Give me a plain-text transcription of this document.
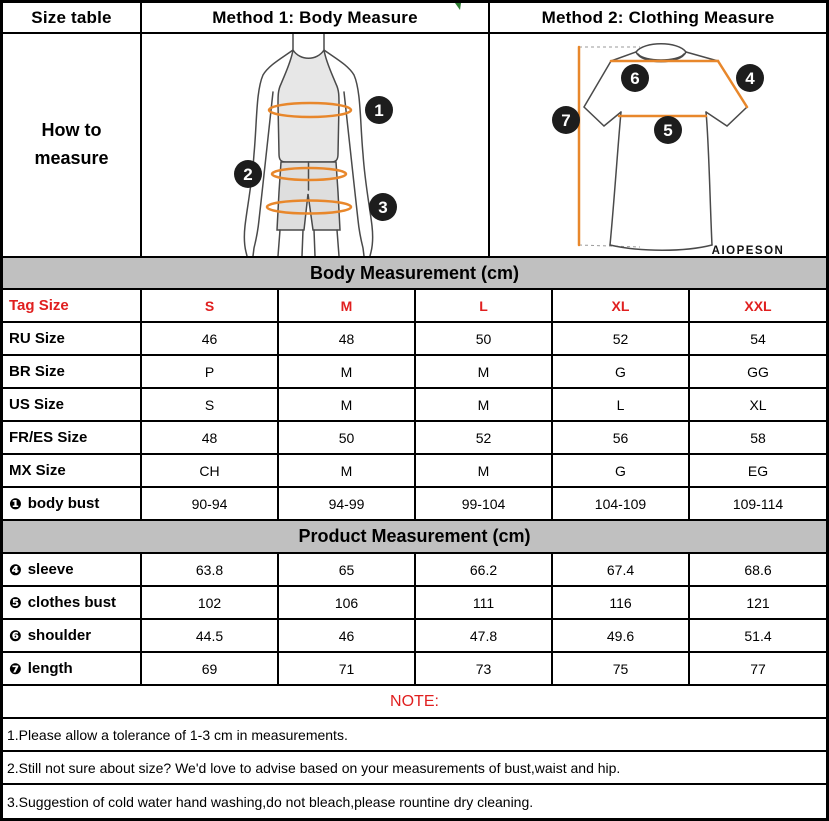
Size table	Method 1: Body Measure	Method 2: Clothing Measure
How to measure
1
2
3
4
5
6
7
AIOPESON
Body Measurement (cm)
Tag Size	S	M	L	XL	XXL
RU Size	46	48	50	52	54
BR Size	P	M	M	G	GG
US Size	S	M	M	L	XL
FR/ES Size	48	50	52	56	58
MX Size	CH	M	M	G	EG
❶ body bust	90-94	94-99	99-104	104-109	109-114
Product Measurement (cm)
❹ sleeve	63.8	65	66.2	67.4	68.6
❺ clothes bust	102	106	111	116	121
❻ shoulder	44.5	46	47.8	49.6	51.4
❼ length	69	71	73	75	77
NOTE:
1.Please allow a tolerance of 1-3 cm in measurements.
2.Still not sure about size? We'd love to advise based on your measurements of bust,waist and hip.
3.Suggestion of cold water hand washing,do not bleach,please rountine dry cleaning.
